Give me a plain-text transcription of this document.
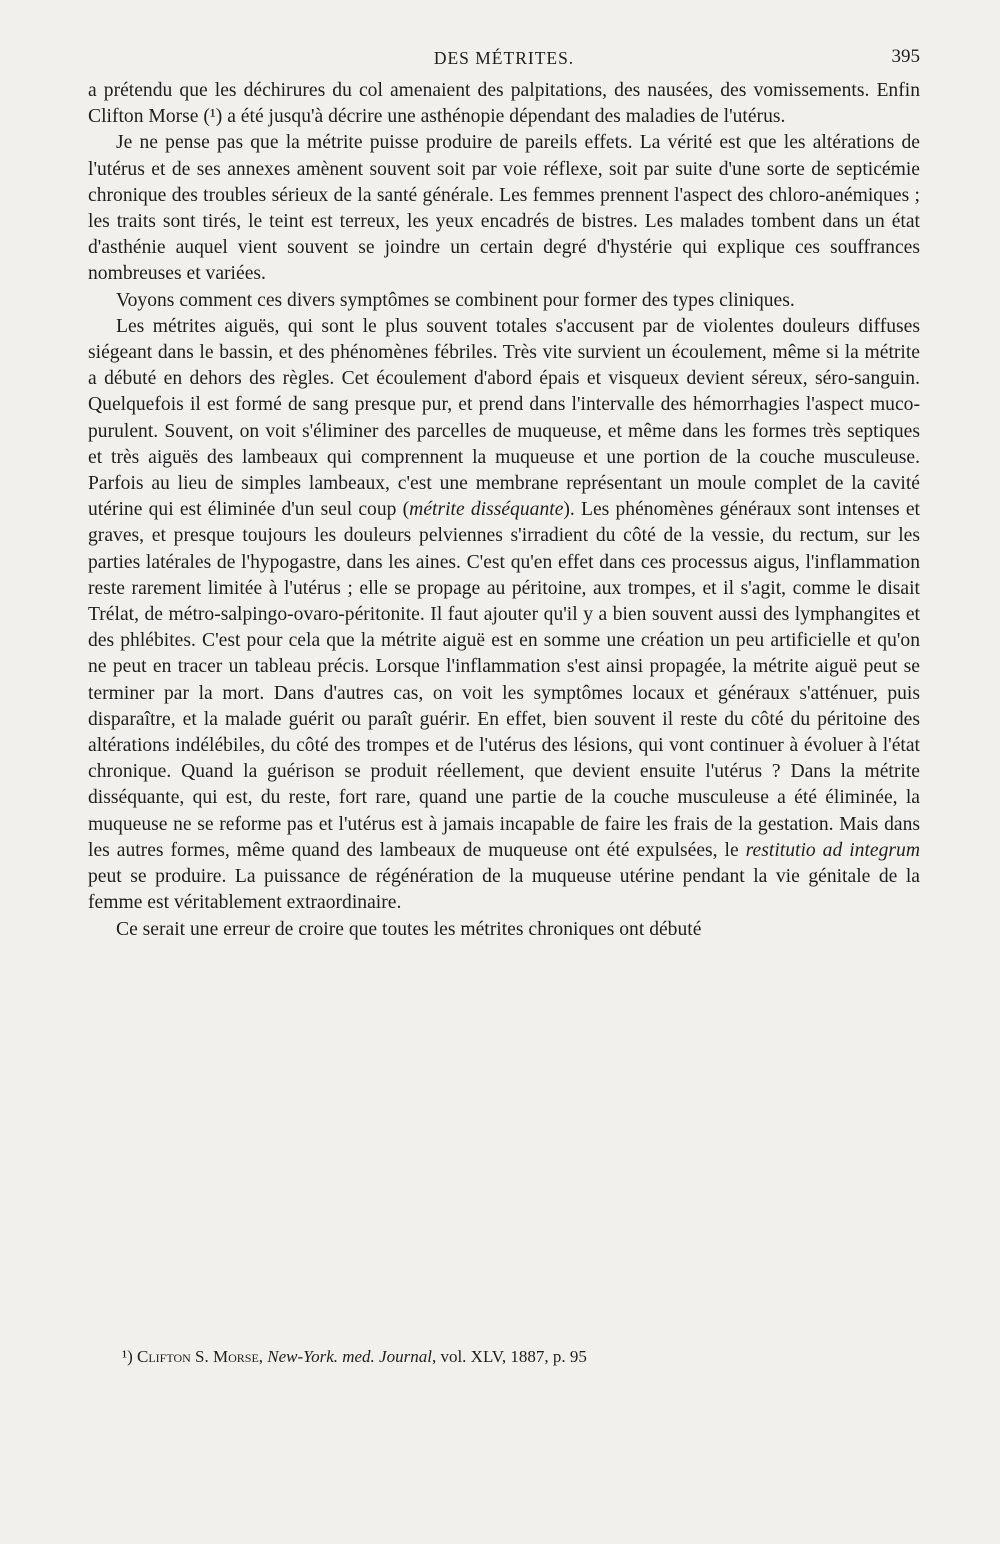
DES MÉTRITES.	395

a prétendu que les déchirures du col amenaient des palpitations, des nausées, des vomissements. Enfin Clifton Morse (¹) a été jusqu'à décrire une asthénopie dépendant des maladies de l'utérus.

Je ne pense pas que la métrite puisse produire de pareils effets. La vérité est que les altérations de l'utérus et de ses annexes amènent souvent soit par voie réflexe, soit par suite d'une sorte de septicémie chronique des troubles sérieux de la santé générale. Les femmes prennent l'aspect des chloro-anémiques ; les traits sont tirés, le teint est terreux, les yeux encadrés de bistres. Les malades tombent dans un état d'asthénie auquel vient souvent se joindre un certain degré d'hystérie qui explique ces souffrances nombreuses et variées.

Voyons comment ces divers symptômes se combinent pour former des types cliniques.

Les métrites aiguës, qui sont le plus souvent totales s'accusent par de violentes douleurs diffuses siégeant dans le bassin, et des phénomènes fébriles. Très vite survient un écoulement, même si la métrite a débuté en dehors des règles. Cet écoulement d'abord épais et visqueux devient séreux, séro-sanguin. Quelquefois il est formé de sang presque pur, et prend dans l'intervalle des hémorrhagies l'aspect muco-purulent. Souvent, on voit s'éliminer des parcelles de muqueuse, et même dans les formes très septiques et très aiguës des lambeaux qui comprennent la muqueuse et une portion de la couche musculeuse. Parfois au lieu de simples lambeaux, c'est une membrane représentant un moule complet de la cavité utérine qui est éliminée d'un seul coup (métrite disséquante). Les phénomènes généraux sont intenses et graves, et presque toujours les douleurs pelviennes s'irradient du côté de la vessie, du rectum, sur les parties latérales de l'hypogastre, dans les aines. C'est qu'en effet dans ces processus aigus, l'inflammation reste rarement limitée à l'utérus ; elle se propage au péritoine, aux trompes, et il s'agit, comme le disait Trélat, de métro-salpingo-ovaro-péritonite. Il faut ajouter qu'il y a bien souvent aussi des lymphangites et des phlébites. C'est pour cela que la métrite aiguë est en somme une création un peu artificielle et qu'on ne peut en tracer un tableau précis. Lorsque l'inflammation s'est ainsi propagée, la métrite aiguë peut se terminer par la mort. Dans d'autres cas, on voit les symptômes locaux et généraux s'atténuer, puis disparaître, et la malade guérit ou paraît guérir. En effet, bien souvent il reste du côté du péritoine des altérations indélébiles, du côté des trompes et de l'utérus des lésions, qui vont continuer à évoluer à l'état chronique. Quand la guérison se produit réellement, que devient ensuite l'utérus ? Dans la métrite disséquante, qui est, du reste, fort rare, quand une partie de la couche musculeuse a été éliminée, la muqueuse ne se reforme pas et l'utérus est à jamais incapable de faire les frais de la gestation. Mais dans les autres formes, même quand des lambeaux de muqueuse ont été expulsées, le restitutio ad integrum peut se produire. La puissance de régénération de la muqueuse utérine pendant la vie génitale de la femme est véritablement extraordinaire.

Ce serait une erreur de croire que toutes les métrites chroniques ont débuté

¹) Clifton S. Morse, New-York. med. Journal, vol. XLV, 1887, p. 95
